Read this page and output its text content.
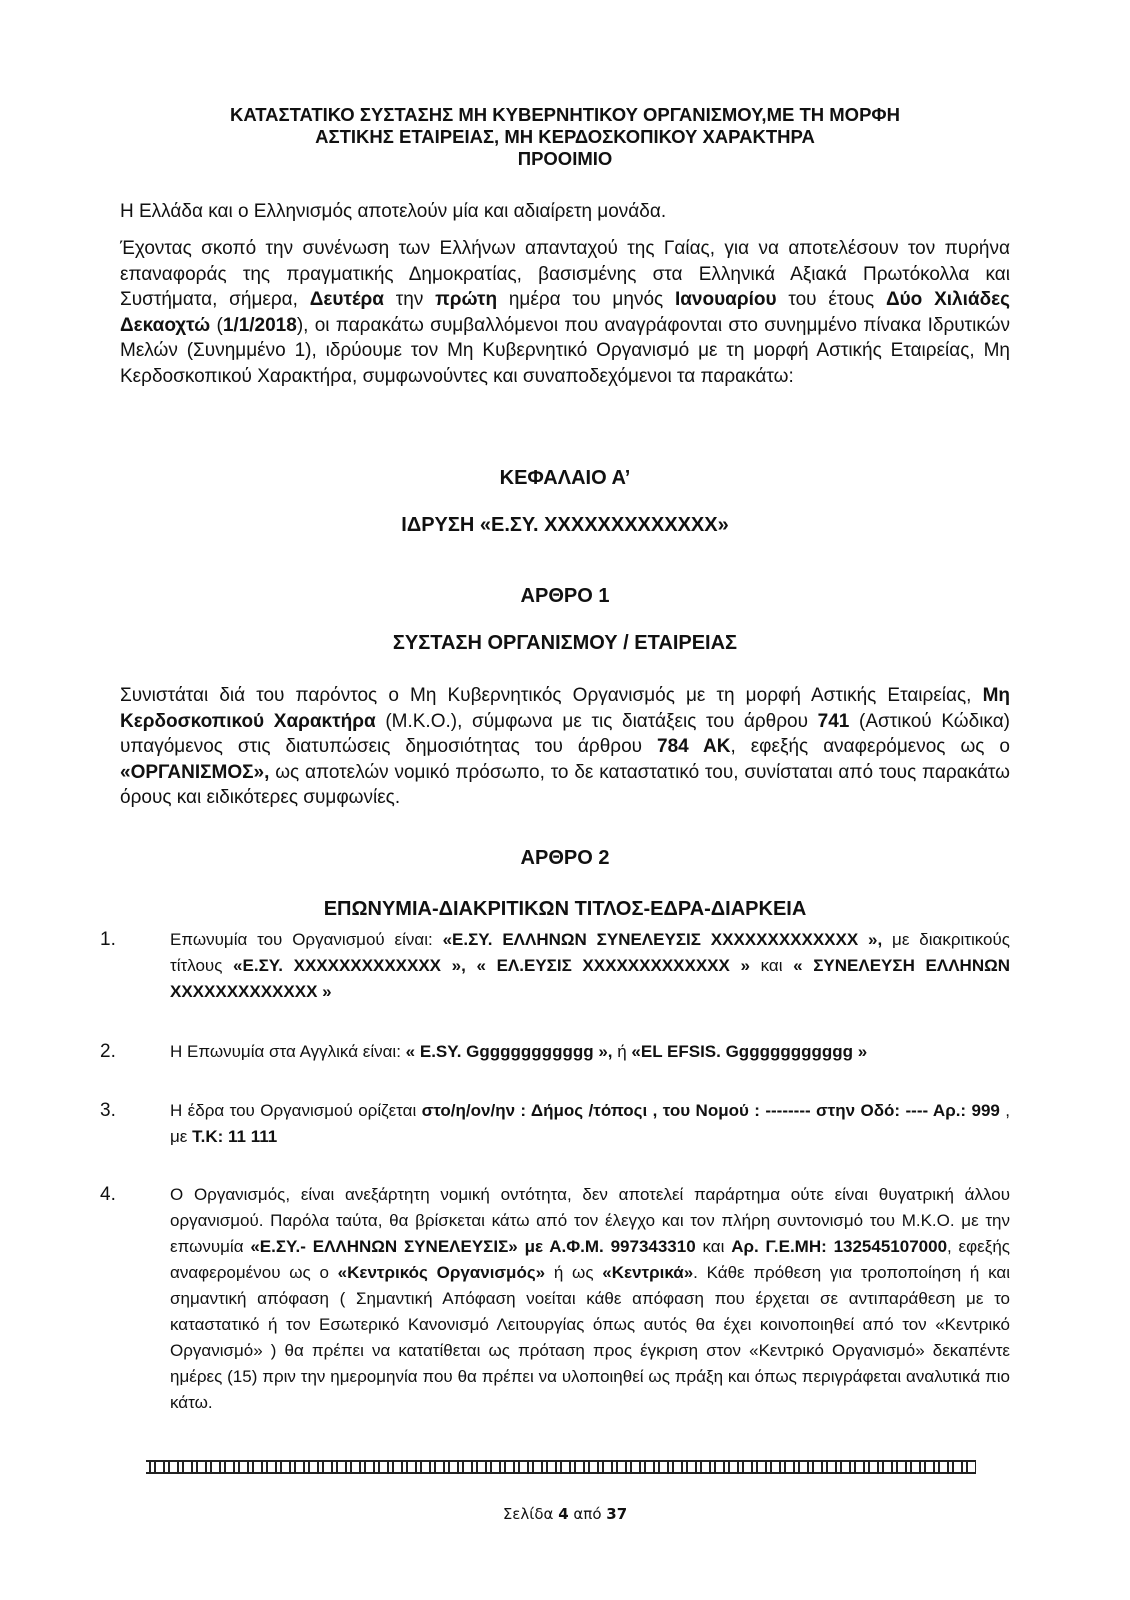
ΚΑΤΑΣΤΑΤΙΚΟ ΣΥΣΤΑΣΗΣ ΜΗ ΚΥΒΕΡΝΗΤΙΚΟΥ ΟΡΓΑΝΙΣΜΟΥ,ΜΕ ΤΗ ΜΟΡΦΗ
ΑΣΤΙΚΗΣ ΕΤΑΙΡΕΙΑΣ, ΜΗ ΚΕΡΔΟΣΚΟΠΙΚΟΥ ΧΑΡΑΚΤΗΡΑ
ΠΡΟΟΙΜΙΟ
Η Ελλάδα και ο Ελληνισμός αποτελούν μία και αδιαίρετη μονάδα.
Έχοντας σκοπό την συνένωση των Ελλήνων απανταχού της Γαίας, για να αποτελέσουν τον πυρήνα επαναφοράς της πραγματικής Δημοκρατίας, βασισμένης στα Ελληνικά Αξιακά Πρωτόκολλα και Συστήματα, σήμερα, Δευτέρα την πρώτη ημέρα του μηνός Ιανουαρίου του έτους Δύο Χιλιάδες Δεκαοχτώ (1/1/2018), οι παρακάτω συμβαλλόμενοι που αναγράφονται στο συνημμένο πίνακα Ιδρυτικών Μελών (Συνημμένο 1), ιδρύουμε τον Μη Κυβερνητικό Οργανισμό με τη μορφή Αστικής Εταιρείας, Μη Κερδοσκοπικού Χαρακτήρα, συμφωνούντες και συναποδεχόμενοι τα παρακάτω:
ΚΕΦΑΛΑΙΟ Α’
ΙΔΡΥΣΗ «Ε.ΣΥ. ΧΧΧΧΧΧΧΧΧΧΧΧΧ»
ΑΡΘΡΟ 1
ΣΥΣΤΑΣΗ ΟΡΓΑΝΙΣΜΟΥ / ΕΤΑΙΡΕΙΑΣ
Συνιστάται διά του παρόντος ο Μη Κυβερνητικός Οργανισμός με τη μορφή Αστικής Εταιρείας, Μη Κερδοσκοπικού Χαρακτήρα (Μ.Κ.Ο.), σύμφωνα με τις διατάξεις του άρθρου 741 (Αστικού Κώδικα) υπαγόμενος στις διατυπώσεις δημοσιότητας του άρθρου 784 ΑΚ, εφεξής αναφερόμενος ως ο «ΟΡΓΑΝΙΣΜΟΣ», ως αποτελών νομικό πρόσωπο, το δε καταστατικό του, συνίσταται από τους παρακάτω όρους και ειδικότερες συμφωνίες.
ΑΡΘΡΟ 2
ΕΠΩΝΥΜΙΑ-ΔΙΑΚΡΙΤΙΚΩΝ ΤΙΤΛΟΣ-ΕΔΡΑ-ΔΙΑΡΚΕΙΑ
1.	Επωνυμία του Οργανισμού είναι: «Ε.ΣΥ. ΕΛΛΗΝΩΝ ΣΥΝΕΛΕΥΣΙΣ ΧΧΧΧΧΧΧΧΧΧΧΧΧ », με διακριτικούς τίτλους «Ε.ΣΥ. ΧΧΧΧΧΧΧΧΧΧΧΧΧ », « ΕΛ.ΕΥΣΙΣ ΧΧΧΧΧΧΧΧΧΧΧΧΧ » και « ΣΥΝΕΛΕΥΣΗ ΕΛΛΗΝΩΝ ΧΧΧΧΧΧΧΧΧΧΧΧΧ »
2.	Η Επωνυμία στα Αγγλικά είναι: « E.SY. Gggggggggggg », ή «EL EFSIS. Gggggggggggg »
3.	Η έδρα του Οργανισμού ορίζεται στο/η/ον/ην : Δήμος /τόποςι , του Νομού : -------- στην Οδό: ---- Αρ.: 999 , με Τ.Κ: 11 111
4.	Ο Οργανισμός, είναι ανεξάρτητη νομική οντότητα, δεν αποτελεί παράρτημα ούτε είναι θυγατρική άλλου οργανισμού. Παρόλα ταύτα, θα βρίσκεται κάτω από τον έλεγχο και τον πλήρη συντονισμό του Μ.Κ.Ο. με την επωνυμία «Ε.ΣΥ.- ΕΛΛΗΝΩΝ ΣΥΝΕΛΕΥΣΙΣ» με Α.Φ.Μ. 997343310 και Αρ. Γ.Ε.ΜΗ: 132545107000, εφεξής αναφερομένου ως ο «Κεντρικός Οργανισμός» ή ως «Κεντρικά». Κάθε πρόθεση για τροποποίηση ή και σημαντική απόφαση ( Σημαντική Απόφαση νοείται κάθε απόφαση που έρχεται σε αντιπαράθεση με το καταστατικό ή τον Εσωτερικό Κανονισμό Λειτουργίας όπως αυτός θα έχει κοινοποιηθεί από τον «Κεντρικό Οργανισμό» ) θα πρέπει να κατατίθεται ως πρόταση προς έγκριση στον «Κεντρικό Οργανισμό» δεκαπέντε ημέρες (15) πριν την ημερομηνία που θα πρέπει να υλοποιηθεί ως πράξη και όπως περιγράφεται αναλυτικά πιο κάτω.
Σελίδα 4 από 37
